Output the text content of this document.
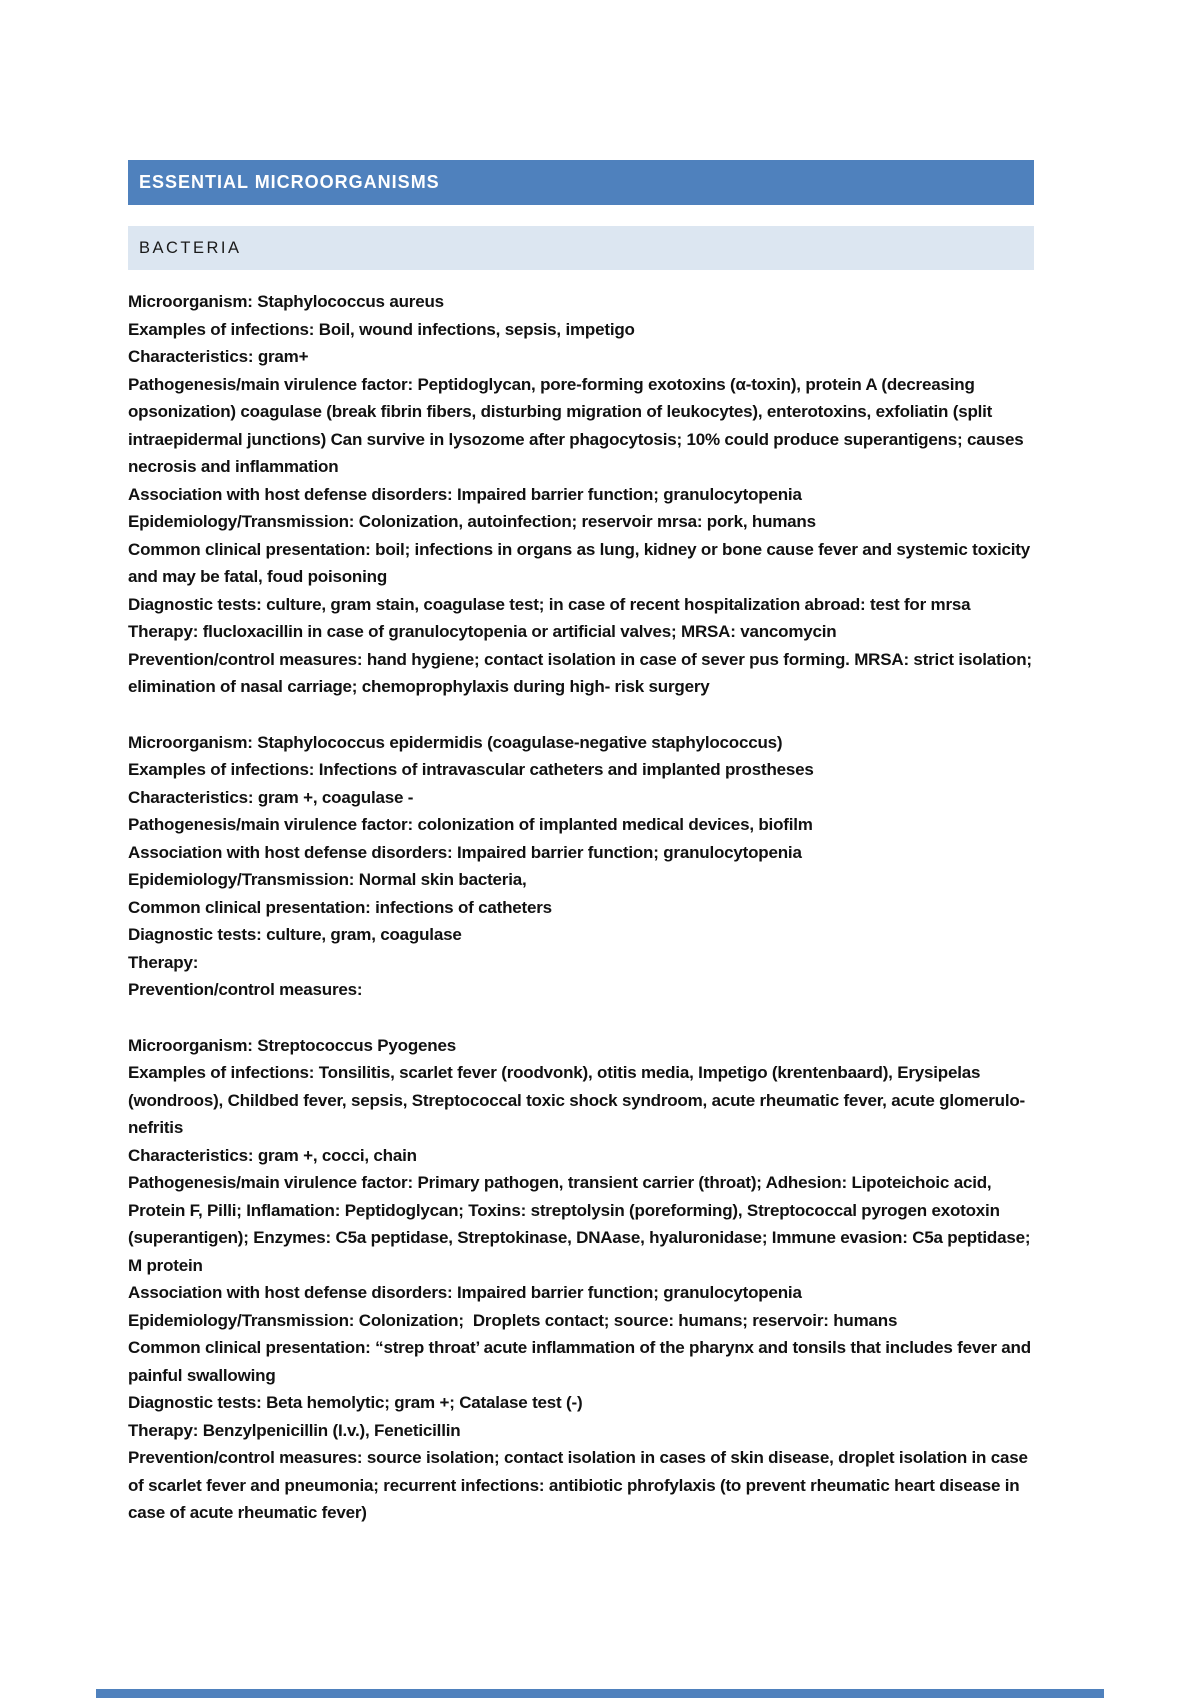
ESSENTIAL MICROORGANISMS
BACTERIA

Microorganism: Staphylococcus aureus

Examples of infections: Boil, wound infections, sepsis, impetigo

Characteristics: gram+

Pathogenesis/main virulence factor: Peptidoglycan, pore-forming exotoxins (α-toxin), protein A (decreasing opsonization) coagulase (break fibrin fibers, disturbing migration of leukocytes), enterotoxins, exfoliatin (split intraepidermal junctions) Can survive in lysozome after phagocytosis; 10% could produce superantigens; causes necrosis and inflammation

Association with host defense disorders: Impaired barrier function; granulocytopenia

Epidemiology/Transmission: Colonization, autoinfection; reservoir mrsa: pork, humans

Common clinical presentation: boil; infections in organs as lung, kidney or bone cause fever and systemic toxicity and may be fatal, foud poisoning

Diagnostic tests: culture, gram stain, coagulase test; in case of recent hospitalization abroad: test for mrsa

Therapy: flucloxacillin in case of granulocytopenia or artificial valves; MRSA: vancomycin

Prevention/control measures: hand hygiene; contact isolation in case of sever pus forming. MRSA: strict isolation; elimination of nasal carriage; chemoprophylaxis during high- risk surgery

Microorganism: Staphylococcus epidermidis (coagulase-negative staphylococcus)

Examples of infections: Infections of intravascular catheters and implanted prostheses

Characteristics: gram +, coagulase -

Pathogenesis/main virulence factor: colonization of implanted medical devices, biofilm

Association with host defense disorders: Impaired barrier function; granulocytopenia

Epidemiology/Transmission: Normal skin bacteria,

Common clinical presentation: infections of catheters

Diagnostic tests: culture, gram, coagulase

Therapy:

Prevention/control measures:

Microorganism: Streptococcus Pyogenes

Examples of infections: Tonsilitis, scarlet fever (roodvonk), otitis media, Impetigo (krentenbaard), Erysipelas (wondroos), Childbed fever, sepsis, Streptococcal toxic shock syndroom, acute rheumatic fever, acute glomerulo-nefritis

Characteristics: gram +, cocci, chain

Pathogenesis/main virulence factor: Primary pathogen, transient carrier (throat); Adhesion: Lipoteichoic acid, Protein F, Pilli; Inflamation: Peptidoglycan; Toxins: streptolysin (poreforming), Streptococcal pyrogen exotoxin (superantigen); Enzymes: C5a peptidase, Streptokinase, DNAase, hyaluronidase; Immune evasion: C5a peptidase; M protein

Association with host defense disorders: Impaired barrier function; granulocytopenia

Epidemiology/Transmission: Colonization;  Droplets contact; source: humans; reservoir: humans

Common clinical presentation: “strep throat’ acute inflammation of the pharynx and tonsils that includes fever and painful swallowing

Diagnostic tests: Beta hemolytic; gram +; Catalase test (-)

Therapy: Benzylpenicillin (I.v.), Feneticillin

Prevention/control measures: source isolation; contact isolation in cases of skin disease, droplet isolation in case of scarlet fever and pneumonia; recurrent infections: antibiotic phrofylaxis (to prevent rheumatic heart disease in case of acute rheumatic fever)
